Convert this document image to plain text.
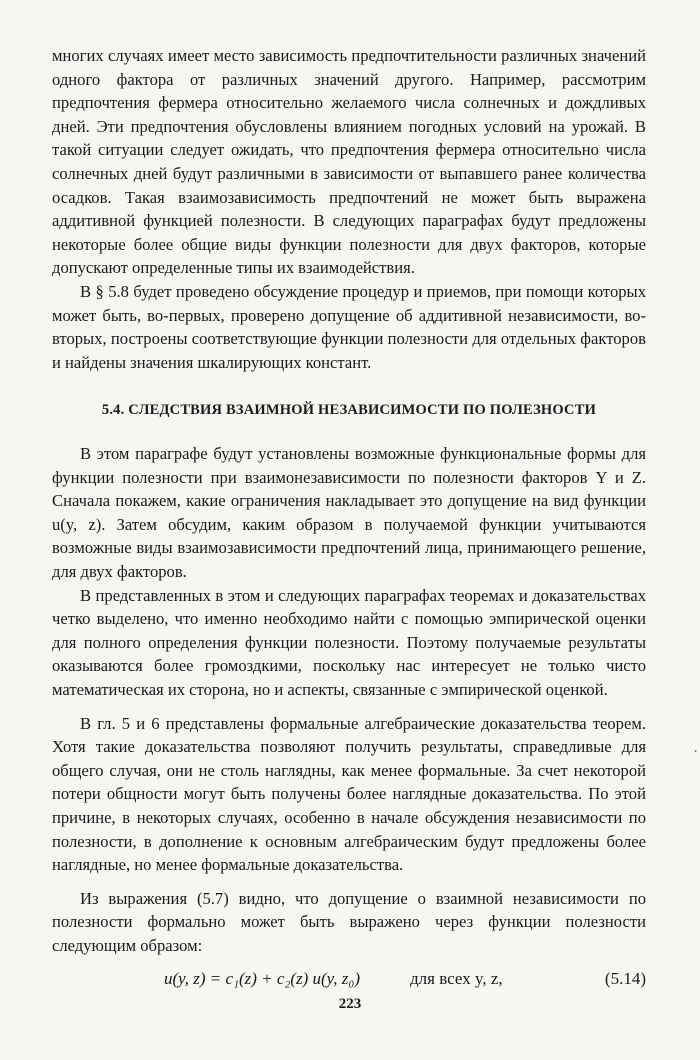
многих случаях имеет место зависимость предпочтительности различных значений одного фактора от различных значений другого. Например, рассмотрим предпочтения фермера относительно желаемого числа солнечных и дождливых дней. Эти предпочтения обусловлены влиянием погодных условий на урожай. В такой ситуации следует ожидать, что предпочтения фермера относительно числа солнечных дней будут различными в зависимости от выпавшего ранее количества осадков. Такая взаимозависимость предпочтений не может быть выражена аддитивной функцией полезности. В следующих параграфах будут предложены некоторые более общие виды функции полезности для двух факторов, которые допускают определенные типы их взаимодействия.

В § 5.8 будет проведено обсуждение процедур и приемов, при помощи которых может быть, во-первых, проверено допущение об аддитивной независимости, во-вторых, построены соответствующие функции полезности для отдельных факторов и найдены значения шкалирующих констант.

5.4. СЛЕДСТВИЯ ВЗАИМНОЙ НЕЗАВИСИМОСТИ ПО ПОЛЕЗНОСТИ

В этом параграфе будут установлены возможные функциональные формы для функции полезности при взаимонезависимости по полезности факторов Y и Z. Сначала покажем, какие ограничения накладывает это допущение на вид функции u(y, z). Затем обсудим, каким образом в получаемой функции учитываются возможные виды взаимозависимости предпочтений лица, принимающего решение, для двух факторов.

В представленных в этом и следующих параграфах теоремах и доказательствах четко выделено, что именно необходимо найти с помощью эмпирической оценки для полного определения функции полезности. Поэтому получаемые результаты оказываются более громоздкими, поскольку нас интересует не только чисто математическая их сторона, но и аспекты, связанные с эмпирической оценкой.

В гл. 5 и 6 представлены формальные алгебраические доказательства теорем. Хотя такие доказательства позволяют получить результаты, справедливые для общего случая, они не столь наглядны, как менее формальные. За счет некоторой потери общности могут быть получены более наглядные доказательства. По этой причине, в некоторых случаях, особенно в начале обсуждения независимости по полезности, в дополнение к основным алгебраическим будут предложены более наглядные, но менее формальные доказательства.

Из выражения (5.7) видно, что допущение о взаимной независимости по полезности формально может быть выражено через функции полезности следующим образом:

u(y, z) = c₁(z) + c₂(z) u(y, z₀)	для всех y, z,	(5.14)
223
·
